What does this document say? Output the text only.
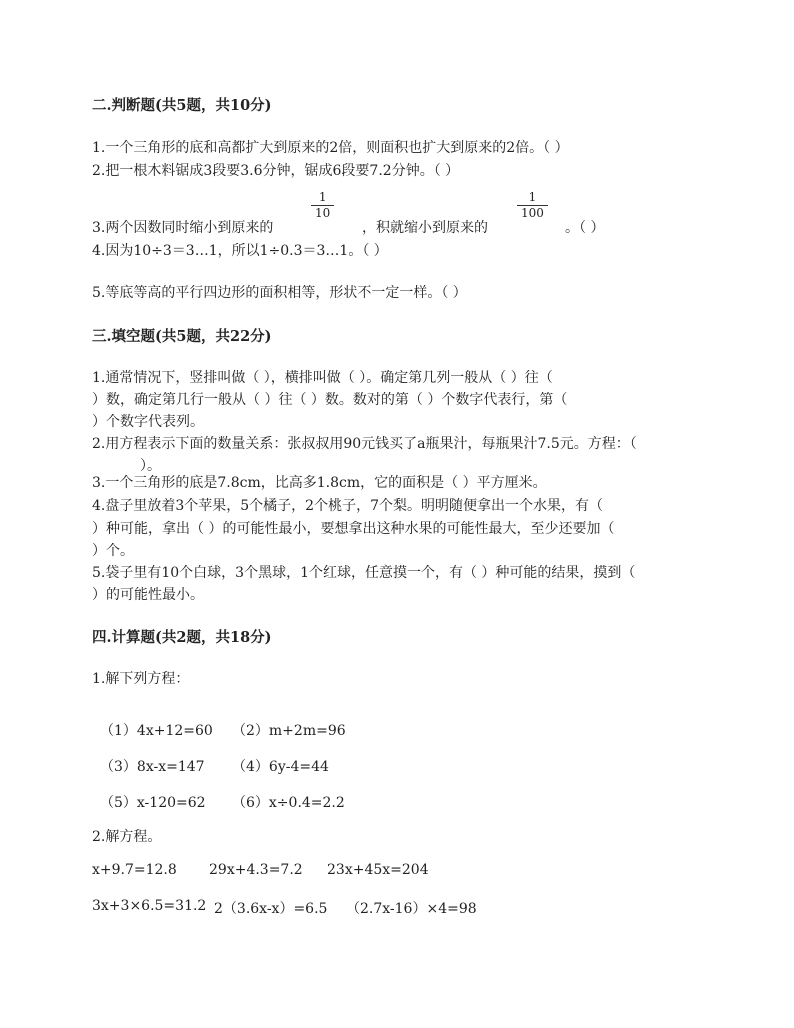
二.判断题(共5题，共10分)
1.一个三角形的底和高都扩大到原来的2倍，则面积也扩大到原来的2倍。（ ）
2.把一根木料锯成3段要3.6分钟，锯成6段要7.2分钟。（ ）
3.两个因数同时缩小到原来的
$\frac{1}{10}$
，积就缩小到原来的
$\frac{1}{100}$
。（ ）
4.因为10÷3＝3…1，所以1÷0.3＝3…1。（ ）
5.等底等高的平行四边形的面积相等，形状不一定一样。（ ）
三.填空题(共5题，共22分)
1.通常情况下，竖排叫做（ ），横排叫做（ ）。确定第几列一般从（ ）往（
）数，确定第几行一般从（ ）往（ ）数。数对的第（ ）个数字代表行，第（
）个数字代表列。
2.用方程表示下面的数量关系：张叔叔用90元钱买了a瓶果汁，每瓶果汁7.5元。方程：（
）。
3.一个三角形的底是7.8cm，比高多1.8cm，它的面积是（ ）平方厘米。
4.盘子里放着3个苹果，5个橘子，2个桃子，7个梨。明明随便拿出一个水果，有（
）种可能，拿出（ ）的可能性最小，要想拿出这种水果的可能性最大，至少还要加（
）个。
5.袋子里有10个白球，3个黑球，1个红球，任意摸一个，有（ ）种可能的结果，摸到（
）的可能性最小。
四.计算题(共2题，共18分)
1.解下列方程：
（1）4x+12=60 （2）m+2m=96
（3）8x-x=147 （4）6y-4=44
（5）x-120=62 （6）x÷0.4=2.2
2.解方程。
x+9.7=12.8 29x+4.3=7.2 23x+45x=204
3x+3×6.5=31.2 2（3.6x-x）=6.5 （2.7x-16）×4=98
